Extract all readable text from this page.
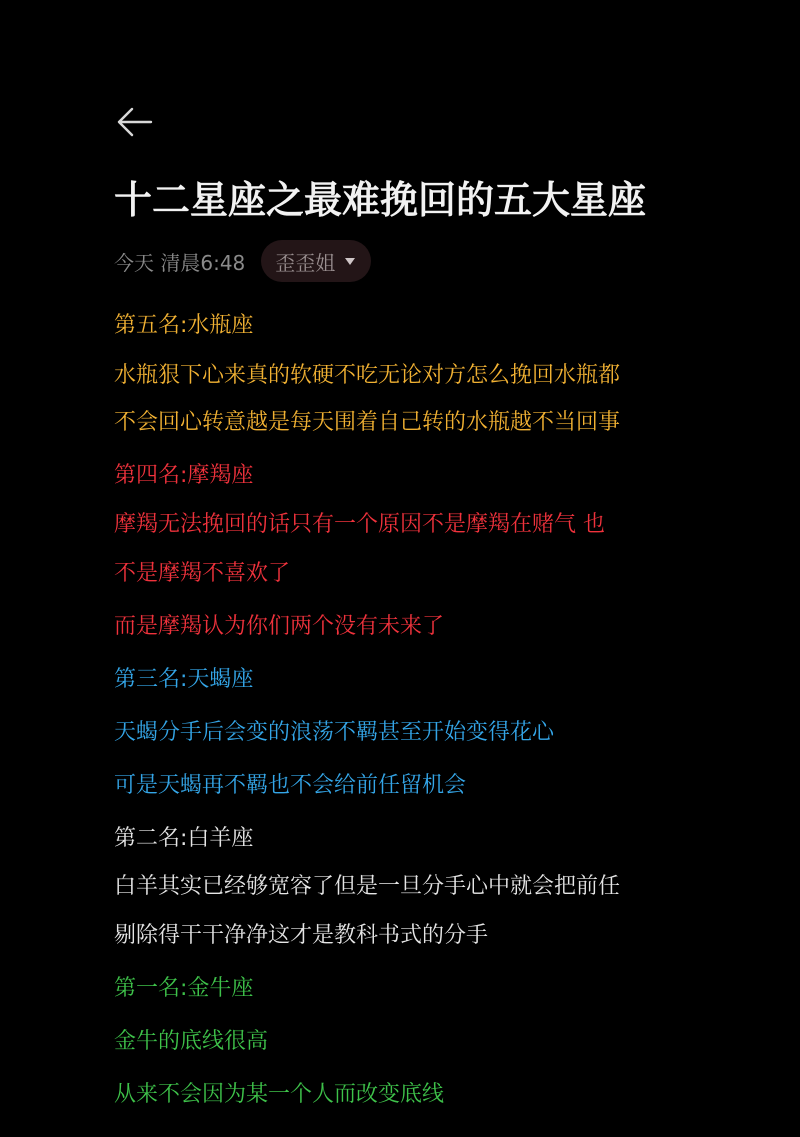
十二星座之最难挽回的五大星座
今天 清晨6:48 歪歪姐

第五名:水瓶座

水瓶狠下心来真的软硬不吃无论对方怎么挽回水瓶都

不会回心转意越是每天围着自己转的水瓶越不当回事

第四名:摩羯座

摩羯无法挽回的话只有一个原因不是摩羯在赌气 也

不是摩羯不喜欢了

而是摩羯认为你们两个没有未来了

第三名:天蝎座

天蝎分手后会变的浪荡不羁甚至开始变得花心

可是天蝎再不羁也不会给前任留机会

第二名:白羊座

白羊其实已经够宽容了但是一旦分手心中就会把前任

剔除得干干净净这才是教科书式的分手

第一名:金牛座

金牛的底线很高

从来不会因为某一个人而改变底线
